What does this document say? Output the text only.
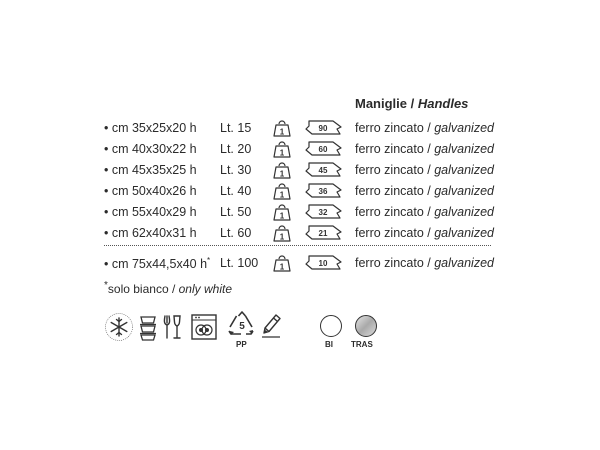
Maniglie / Handles
• cm 35x25x20 h Lt. 15	1	90 ferro zincato / galvanized
• cm 40x30x22 h Lt. 20	1	60 ferro zincato / galvanized
• cm 45x35x25 h Lt. 30	1	45 ferro zincato / galvanized
• cm 50x40x26 h Lt. 40	1	36 ferro zincato / galvanized
• cm 55x40x29 h Lt. 50	1	32 ferro zincato / galvanized
• cm 62x40x31 h Lt. 60	1	21 ferro zincato / galvanized
• cm 75x44,5x40 h* Lt. 100	1	10 ferro zincato / galvanized
*solo bianco / only white
5
PP	BI TRAS
